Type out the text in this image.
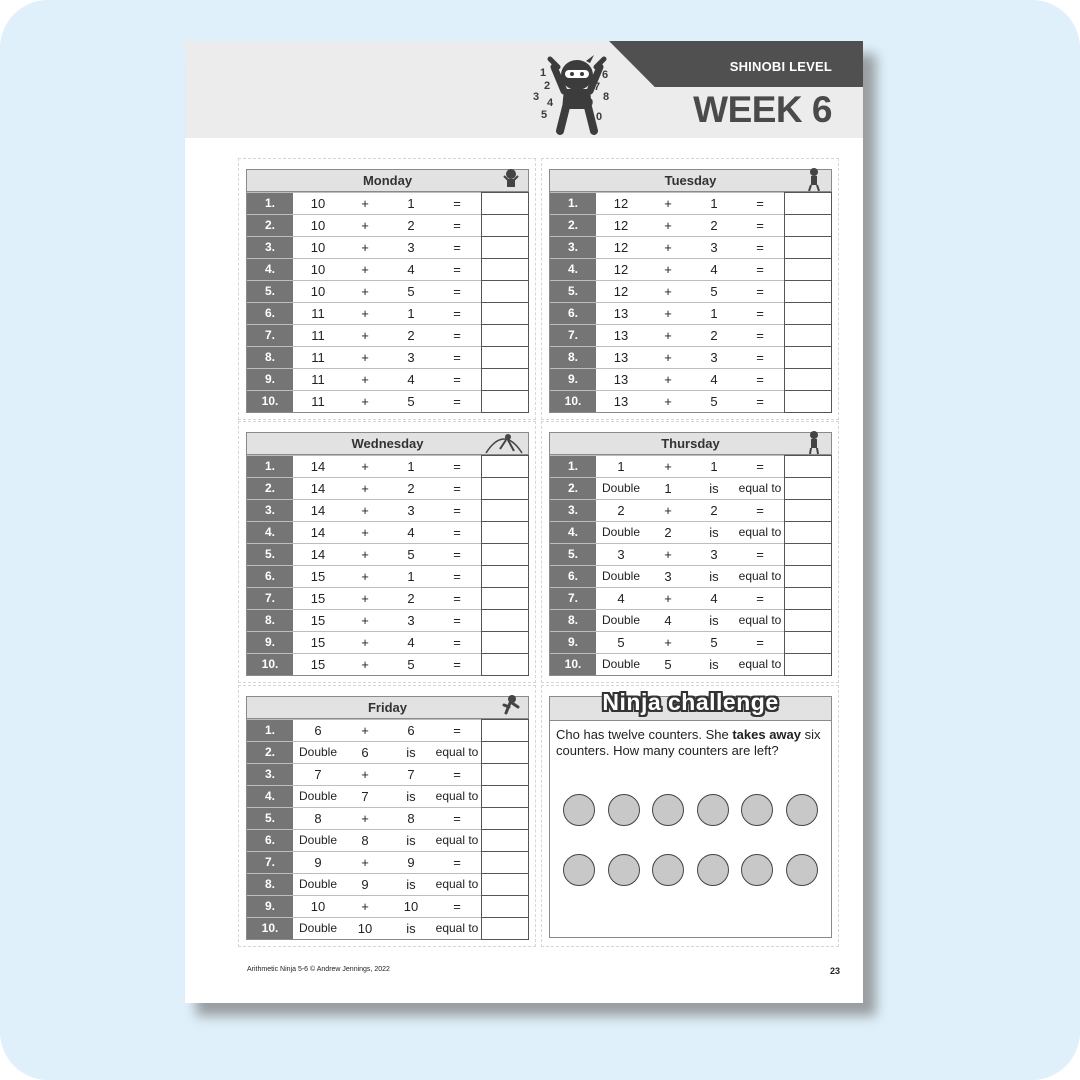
1
2
3 4
5
6
7
8
9
0
SHINOBI LEVEL
WEEK 6
Arithmetic Ninja 5-6 © Andrew Jennings, 2022	23
Monday
1.	10	+	1	=
2.	10	+	2	=
3.	10	+	3	=
4.	10	+	4	=
5.	10	+	5	=
6.	11	+	1	=
7.	11	+	2	=
8.	11	+	3	=
9.	11	+	4	=
10.	11	+	5	=
Tuesday
1.	12	+	1	=
2.	12	+	2	=
3.	12	+	3	=
4.	12	+	4	=
5.	12	+	5	=
6.	13	+	1	=
7.	13	+	2	=
8.	13	+	3	=
9.	13	+	4	=
10.	13	+	5	=
Wednesday
1.	14	+	1	=
2.	14	+	2	=
3.	14	+	3	=
4.	14	+	4	=
5.	14	+	5	=
6.	15	+	1	=
7.	15	+	2	=
8.	15	+	3	=
9.	15	+	4	=
10.	15	+	5	=
Thursday
1.	1	+	1	=
2.	Double	1	is	equal to
3.	2	+	2	=
4.	Double	2	is	equal to
5.	3	+	3	=
6.	Double	3	is	equal to
7.	4	+	4	=
8.	Double	4	is	equal to
9.	5	+	5	=
10.	Double	5	is	equal to
Friday
1.	6	+	6	=
2.	Double	6	is	equal to
3.	7	+	7	=
4.	Double	7	is	equal to
5.	8	+	8	=
6.	Double	8	is	equal to
7.	9	+	9	=
8.	Double	9	is	equal to
9.	10	+	10	=
10.	Double	10	is	equal to
Ninja challenge
Cho has twelve counters. She takes away six counters. How many counters are left?
